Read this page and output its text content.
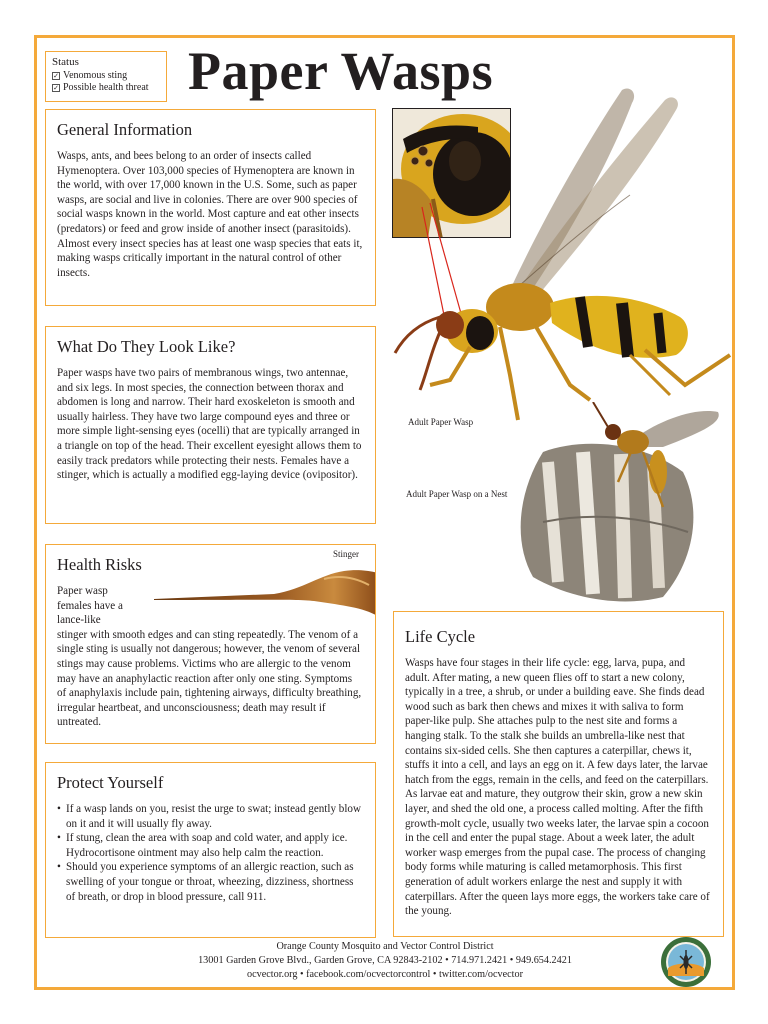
Status
✓ Venomous sting
✓ Possible health threat Paper Wasps
General Information

Wasps, ants, and bees belong to an order of insects called Hymenoptera. Over 103,000 species of Hymenoptera are known in the world, with over 17,000 known in the U.S. Some, such as paper wasps, are social and live in colonies. There are over 900 species of social wasps known in the world. Most capture and eat other insects (predators) or feed and grow inside of another insect (parasitoids). Almost every insect species has at least one wasp species that eats it, making wasps critically important in the natural control of other insects.

What Do They Look Like?

Paper wasps have two pairs of membranous wings, two antennae, and six legs. In most species, the connection between thorax and abdomen is long and narrow. Their hard exoskeleton is smooth and usually hairless. They have two large compound eyes and three or more simple light-sensing eyes (ocelli) that are typically arranged in a triangle on top of the head. Their excellent eyesight allows them to easily track predators while protecting their nests. Females have a stinger, which is actually a modified egg-laying device (ovipositor).

Health Risks
Stinger

Paper wasp females have a lance-like

stinger with smooth edges and can sting repeatedly. The venom of a single sting is usually not dangerous; however, the venom of several stings may cause problems. Victims who are allergic to the venom may have an anaphylactic reaction after only one sting. Symptoms of anaphylaxis include pain, tightening airways, difficulty breathing, irregular heartbeat, and unconsciousness; death may result if untreated.

Protect Yourself
• If a wasp lands on you, resist the urge to swat; instead gently blow on it and it will usually fly away.
• If stung, clean the area with soap and cold water, and apply ice. Hydrocortisone ointment may also help calm the reaction.
• Should you experience symptoms of an allergic reaction, such as swelling of your tongue or throat, wheezing, dizziness, shortness of breath, or drop in blood pressure, call 911.
Life Cycle

Wasps have four stages in their life cycle: egg, larva, pupa, and adult. After mating, a new queen flies off to start a new colony, typically in a tree, a shrub, or under a building eave. She finds dead wood such as bark then chews and mixes it with saliva to form paper-like pulp. She attaches pulp to the nest site and forms a hanging stalk. To the stalk she builds an umbrella-like nest that contains six-sided cells. She then captures a caterpillar, chews it, stuffs it into a cell, and lays an egg on it. A few days later, the larvae hatch from the eggs, remain in the cells, and feed on the caterpillars. As larvae eat and mature, they outgrow their skin, grow a new skin layer, and shed the old one, a process called molting. After the fifth growth-molt cycle, usually two weeks later, the larvae spin a cocoon in the cell and enter the pupal stage. About a week later, the adult worker wasp emerges from the pupal case. The process of changing body forms while maturing is called metamorphosis. This first generation of adult workers enlarge the nest and supply it with caterpillars. After the queen lays more eggs, the workers take care of the young.

Adult Paper Wasp
Adult Paper Wasp on a Nest
Orange County Mosquito and Vector Control District
13001 Garden Grove Blvd., Garden Grove, CA 92843-2102 • 714.971.2421 • 949.654.2421
ocvector.org • facebook.com/ocvectorcontrol • twitter.com/ocvector
